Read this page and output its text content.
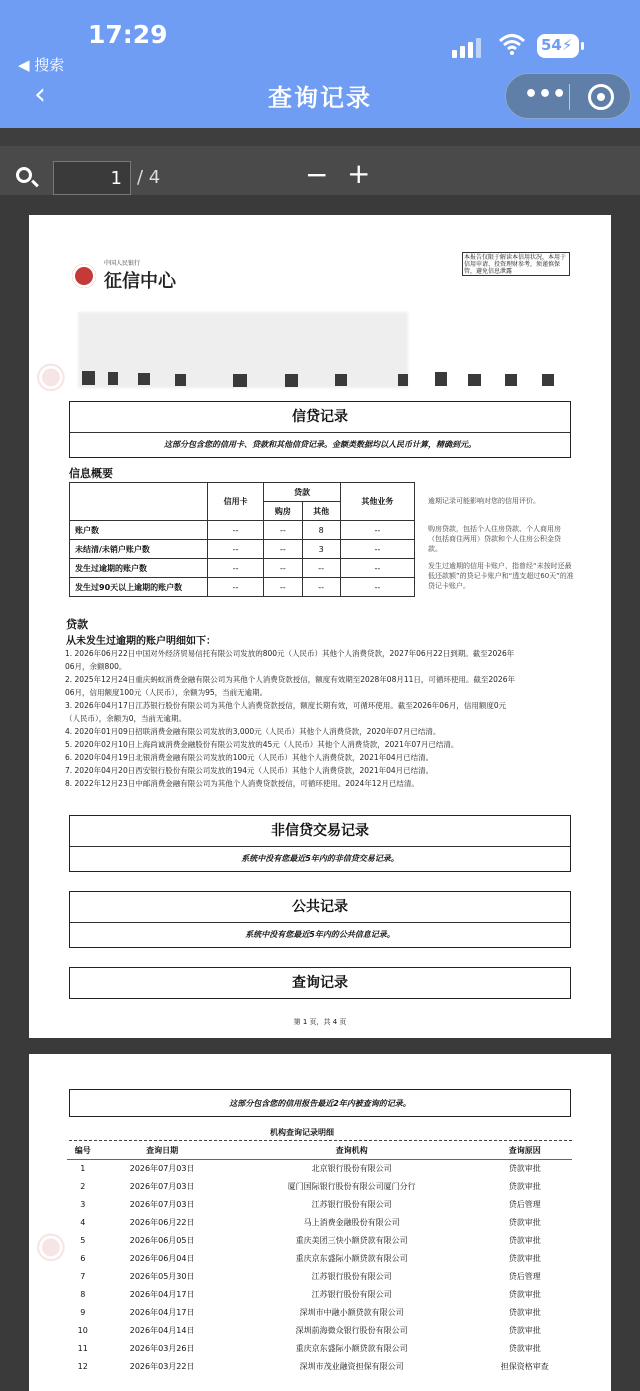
17:29	54⚡
◀ 搜索
‹	查询记录	•••
1 / 4	− +
第 1 页，共 4 页
中国人民银行
征信中心
本报告仅限于解读本信用状况，本用于信用申请、投资理财参考，须谨慎保管，避免信息泄露
信贷记录
这部分包含您的信用卡、贷款和其他信贷记录。金额类数据均以人民币计算，精确到元。
信息概要
	信用卡	贷款		其他业务
		购房	其他	
账户数	--	--	8	--
未结清/未销户账户数	--	--	3	--
发生过逾期的账户数	--	--	--	--
发生过90天以上逾期的账户数	--	--	--	--
逾期记录可能影响对您的信用评价。
购房贷款，包括个人住房贷款、个人商用房（包括商住两用）贷款和个人住房公积金贷款。
发生过逾期的信用卡账户，指曾经“未按时还最低还款额”的贷记卡账户和“透支超过60天”的准贷记卡账户。
贷款
从未发生过逾期的账户明细如下：

1. 2026年06月22日中国对外经济贸易信托有限公司发放的800元（人民币）其他个人消费贷款，2027年06月22日到期。截至2026年

06月，余额800。

2. 2025年12月24日重庆蚂蚁消费金融有限公司为其他个人消费贷款授信，额度有效期至2028年08月11日，可循环使用。截至2026年

06月，信用额度100元（人民币），余额为95，当前无逾期。

3. 2026年04月17日江苏银行股份有限公司为其他个人消费贷款授信，额度长期有效，可循环使用。截至2026年06月，信用额度0元

（人民币），余额为0，当前无逾期。

4. 2020年01月09日招联消费金融有限公司发放的3,000元（人民币）其他个人消费贷款，2020年07月已结清。

5. 2020年02月10日上海尚诚消费金融股份有限公司发放的45元（人民币）其他个人消费贷款，2021年07月已结清。

6. 2020年04月19日北银消费金融有限公司发放的100元（人民币）其他个人消费贷款，2021年04月已结清。

7. 2020年04月20日西安银行股份有限公司发放的194元（人民币）其他个人消费贷款，2021年04月已结清。

8. 2022年12月23日中邮消费金融有限公司为其他个人消费贷款授信，可循环使用。2024年12月已结清。

非信贷交易记录
系统中没有您最近5年内的非信贷交易记录。
公共记录
系统中没有您最近5年内的公共信息记录。
查询记录
这部分包含您的信用报告最近2年内被查询的记录。
机构查询记录明细
编号	查询日期	查询机构	查询原因
1	2026年07月03日	北京银行股份有限公司	贷款审批
2	2026年07月03日	厦门国际银行股份有限公司厦门分行	贷款审批
3	2026年07月03日	江苏银行股份有限公司	贷后管理
4	2026年06月22日	马上消费金融股份有限公司	贷款审批
5	2026年06月05日	重庆美团三快小额贷款有限公司	贷款审批
6	2026年06月04日	重庆京东盛际小额贷款有限公司	贷款审批
7	2026年05月30日	江苏银行股份有限公司	贷后管理
8	2026年04月17日	江苏银行股份有限公司	贷款审批
9	2026年04月17日	深圳市中融小额贷款有限公司	贷款审批
10	2026年04月14日	深圳前海微众银行股份有限公司	贷款审批
11	2026年03月26日	重庆京东盛际小额贷款有限公司	贷款审批
12	2026年03月22日	深圳市茂业融资担保有限公司	担保资格审查
◉
◉
